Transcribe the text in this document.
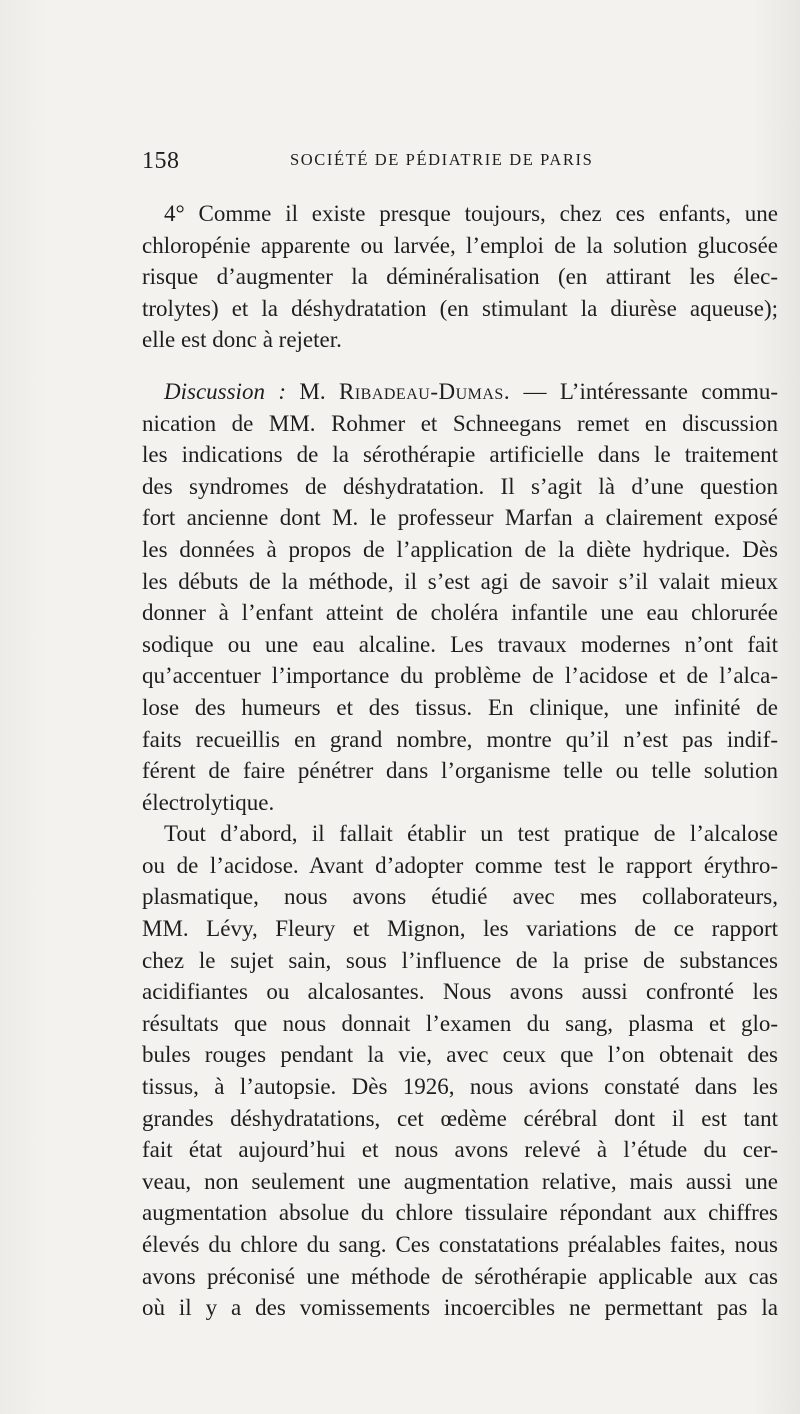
158	SOCIÉTÉ DE PÉDIATRIE DE PARIS
4° Comme il existe presque toujours, chez ces enfants, une
chloropénie apparente ou larvée, l’emploi de la solution glucosée
risque d’augmenter la déminéralisation (en attirant les élec-
trolytes) et la déshydratation (en stimulant la diurèse aqueuse);
elle est donc à rejeter.
Discussion : M. Ribadeau-Dumas. — L’intéressante commu-
nication de MM. Rohmer et Schneegans remet en discussion
les indications de la sérothérapie artificielle dans le traitement
des syndromes de déshydratation. Il s’agit là d’une question
fort ancienne dont M. le professeur Marfan a clairement exposé
les données à propos de l’application de la diète hydrique. Dès
les débuts de la méthode, il s’est agi de savoir s’il valait mieux
donner à l’enfant atteint de choléra infantile une eau chlorurée
sodique ou une eau alcaline. Les travaux modernes n’ont fait
qu’accentuer l’importance du problème de l’acidose et de l’alca-
lose des humeurs et des tissus. En clinique, une infinité de
faits recueillis en grand nombre, montre qu’il n’est pas indif-
férent de faire pénétrer dans l’organisme telle ou telle solution
électrolytique.
Tout d’abord, il fallait établir un test pratique de l’alcalose
ou de l’acidose. Avant d’adopter comme test le rapport érythro-
plasmatique, nous avons étudié avec mes collaborateurs,
MM. Lévy, Fleury et Mignon, les variations de ce rapport
chez le sujet sain, sous l’influence de la prise de substances
acidifiantes ou alcalosantes. Nous avons aussi confronté les
résultats que nous donnait l’examen du sang, plasma et glo-
bules rouges pendant la vie, avec ceux que l’on obtenait des
tissus, à l’autopsie. Dès 1926, nous avions constaté dans les
grandes déshydratations, cet œdème cérébral dont il est tant
fait état aujourd’hui et nous avons relevé à l’étude du cer-
veau, non seulement une augmentation relative, mais aussi une
augmentation absolue du chlore tissulaire répondant aux chiffres
élevés du chlore du sang. Ces constatations préalables faites, nous
avons préconisé une méthode de sérothérapie applicable aux cas
où il y a des vomissements incoercibles ne permettant pas la
